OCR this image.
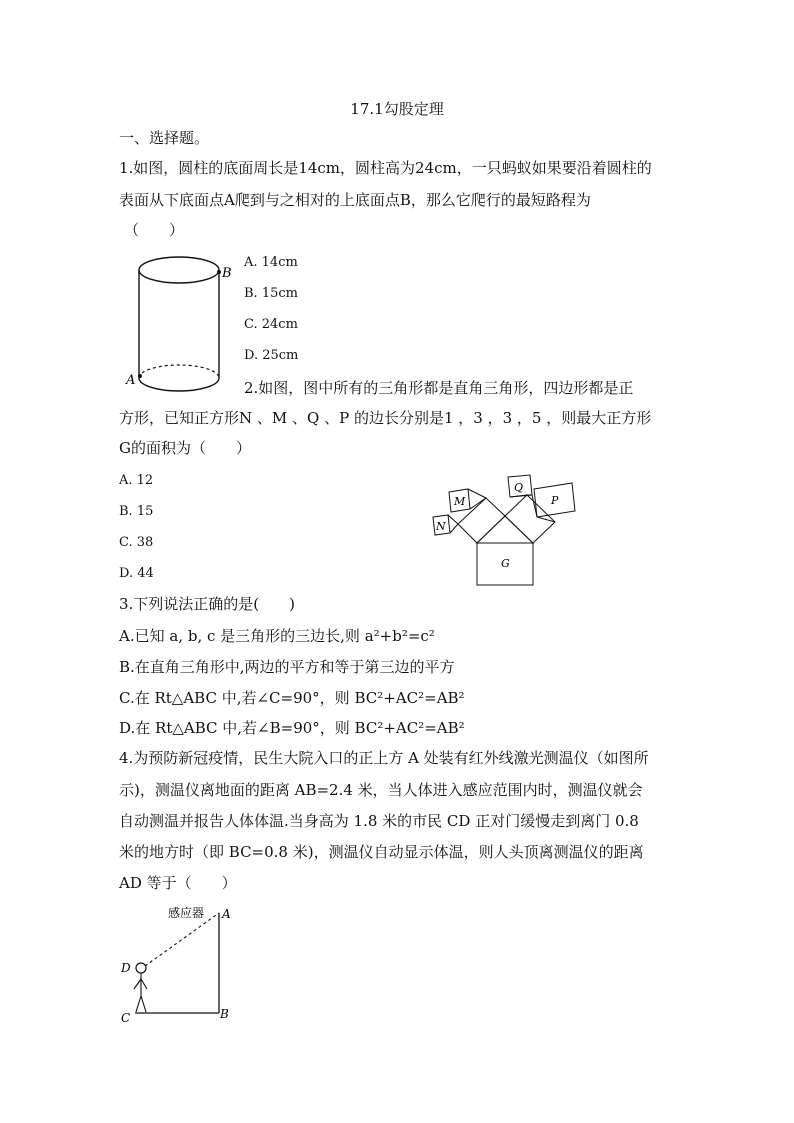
17.1勾股定理
一、选择题。
1.如图，圆柱的底面周长是14cm，圆柱高为24cm，一只蚂蚁如果要沿着圆柱的
表面从下底面点A爬到与之相对的上底面点B，那么它爬行的最短路程为
（　　）
B
A
A. 14cm
B. 15cm
C. 24cm
D. 25cm
2.如图，图中所有的三角形都是直角三角形，四边形都是正
方形，已知正方形N 、M 、Q 、P 的边长分别是1 ，3 ，3 ，5 ，则最大正方形
G的面积为（　　）
A. 12
B. 15
C. 38
D. 44
M
N
Q
P
G
3.下列说法正确的是(　　)
A.已知 a, b, c 是三角形的三边长,则 a²+b²=c²
B.在直角三角形中,两边的平方和等于第三边的平方
C.在 Rt△ABC 中,若∠C=90°，则 BC²+AC²=AB²
D.在 Rt△ABC 中,若∠B=90°，则 BC²+AC²=AB²
4.为预防新冠疫情，民生大院入口的正上方 A 处装有红外线激光测温仪（如图所
示)，测温仪离地面的距离 AB=2.4 米，当人体进入感应范围内时，测温仪就会
自动测温并报告人体体温.当身高为 1.8 米的市民 CD 正对门缓慢走到离门 0.8
米的地方时（即 BC=0.8 米)，测温仪自动显示体温，则人头顶离测温仪的距离
AD 等于（　　）
感应器 A
D
C	B
